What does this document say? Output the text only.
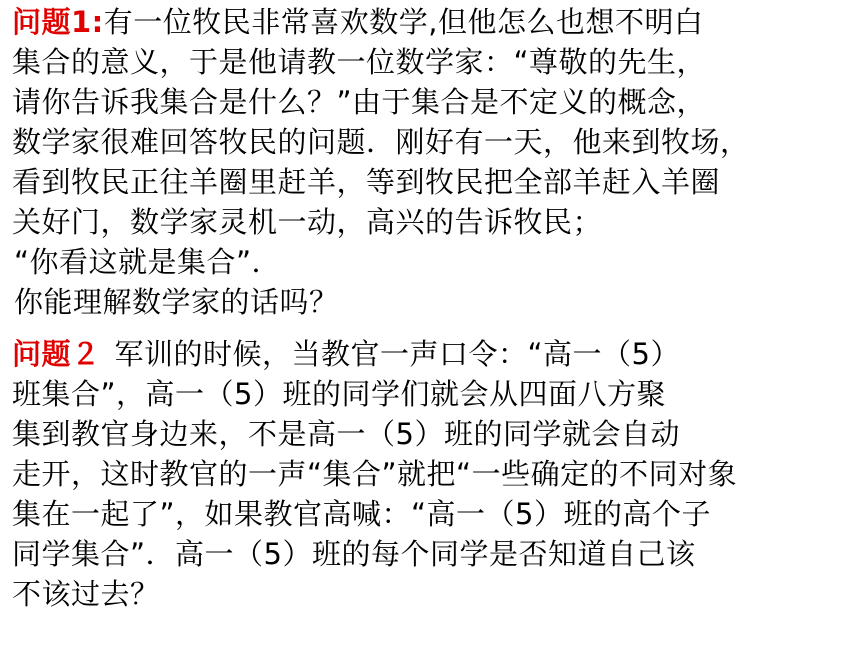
问题1:有一位牧民非常喜欢数学,但他怎么也想不明白
集合的意义，于是他请教一位数学家：“尊敬的先生，
请你告诉我集合是什么？”由于集合是不定义的概念，
数学家很难回答牧民的问题．刚好有一天，他来到牧场，
看到牧民正往羊圈里赶羊，等到牧民把全部羊赶入羊圈
关好门，数学家灵机一动，高兴的告诉牧民；
“你看这就是集合”．
你能理解数学家的话吗？
问题２ 军训的时候，当教官一声口令：“高一（5）
班集合”，高一（5）班的同学们就会从四面八方聚
集到教官身边来，不是高一（5）班的同学就会自动
走开，这时教官的一声“集合”就把“一些确定的不同对象
集在一起了”，如果教官高喊：“高一（5）班的高个子
同学集合”．高一（5）班的每个同学是否知道自己该
不该过去？
